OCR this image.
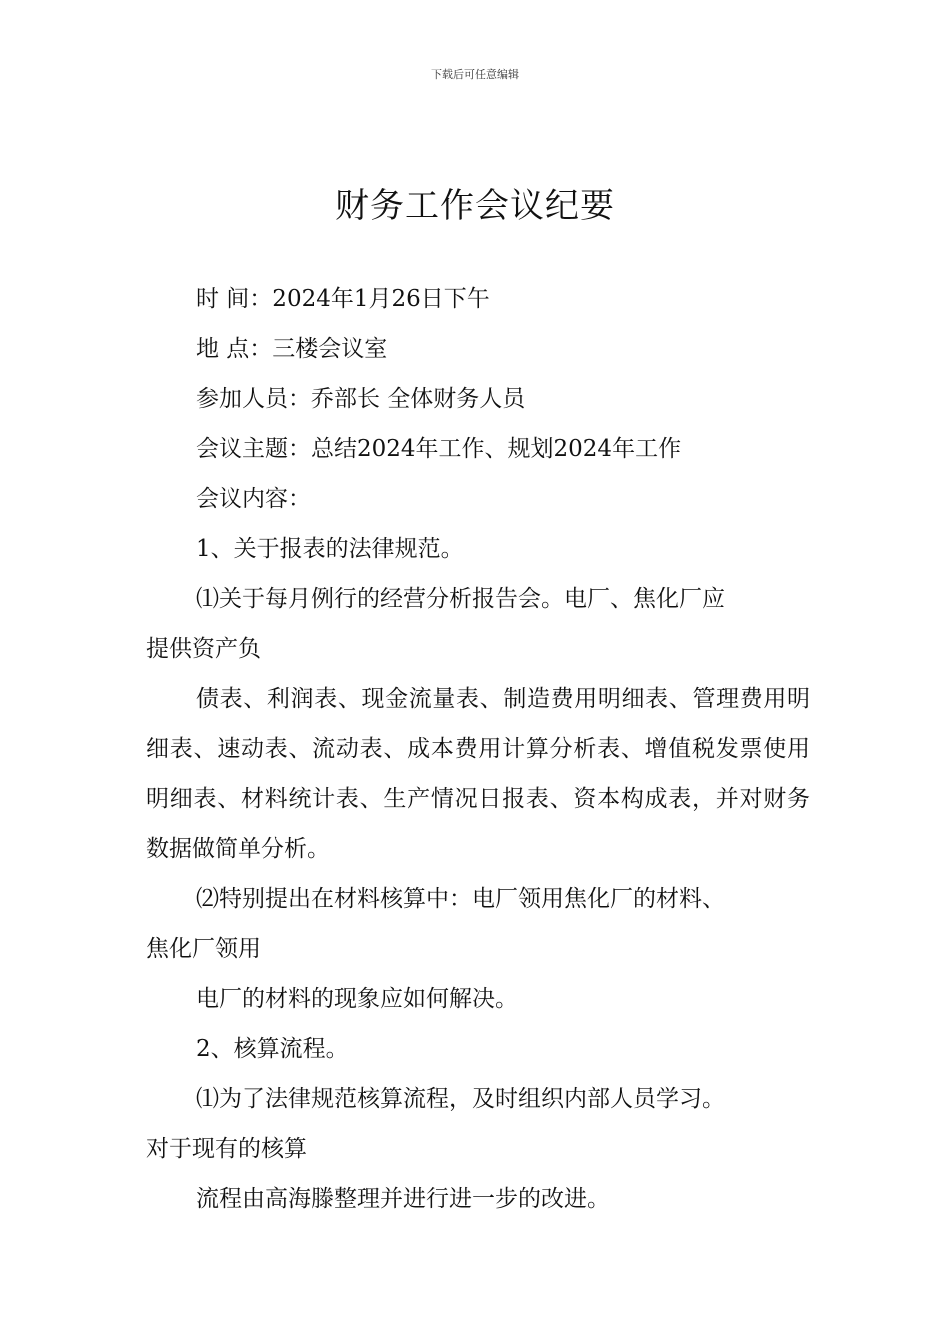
下载后可任意编辑
财务工作会议纪要

时 间：2024年1月26日下午

地 点：三楼会议室

参加人员：乔部长 全体财务人员

会议主题：总结2024年工作、规划2024年工作

会议内容：

1、关于报表的法律规范。

⑴关于每月例行的经营分析报告会。电厂、焦化厂应

提供资产负

债表、利润表、现金流量表、制造费用明细表、管理费用明细表、速动表、流动表、成本费用计算分析表、增值税发票使用明细表、材料统计表、生产情况日报表、资本构成表，并对财务数据做简单分析。

⑵特别提出在材料核算中：电厂领用焦化厂的材料、

焦化厂领用

电厂的材料的现象应如何解决。

2、核算流程。

⑴为了法律规范核算流程，及时组织内部人员学习。

对于现有的核算

流程由高海滕整理并进行进一步的改进。
